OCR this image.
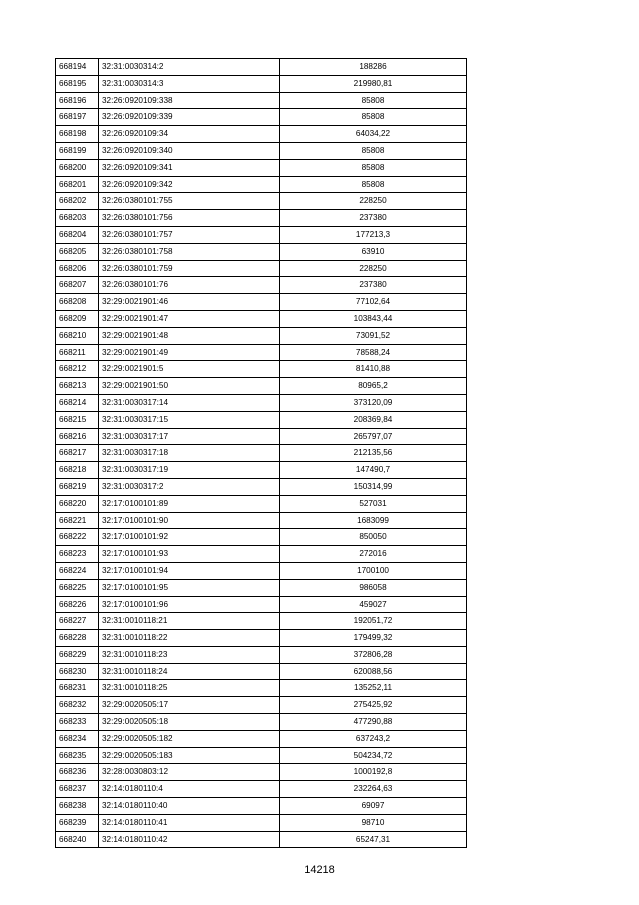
668194	32:31:0030314:2	188286
668195	32:31:0030314:3	219980,81
668196	32:26:0920109:338	85808
668197	32:26:0920109:339	85808
668198	32:26:0920109:34	64034,22
668199	32:26:0920109:340	85808
668200	32:26:0920109:341	85808
668201	32:26:0920109:342	85808
668202	32:26:0380101:755	228250
668203	32:26:0380101:756	237380
668204	32:26:0380101:757	177213,3
668205	32:26:0380101:758	63910
668206	32:26:0380101:759	228250
668207	32:26:0380101:76	237380
668208	32:29:0021901:46	77102,64
668209	32:29:0021901:47	103843,44
668210	32:29:0021901:48	73091,52
668211	32:29:0021901:49	78588,24
668212	32:29:0021901:5	81410,88
668213	32:29:0021901:50	80965,2
668214	32:31:0030317:14	373120,09
668215	32:31:0030317:15	208369,84
668216	32:31:0030317:17	265797,07
668217	32:31:0030317:18	212135,56
668218	32:31:0030317:19	147490,7
668219	32:31:0030317:2	150314,99
668220	32:17:0100101:89	527031
668221	32:17:0100101:90	1683099
668222	32:17:0100101:92	850050
668223	32:17:0100101:93	272016
668224	32:17:0100101:94	1700100
668225	32:17:0100101:95	986058
668226	32:17:0100101:96	459027
668227	32:31:0010118:21	192051,72
668228	32:31:0010118:22	179499,32
668229	32:31:0010118:23	372806,28
668230	32:31:0010118:24	620088,56
668231	32:31:0010118:25	135252,11
668232	32:29:0020505:17	275425,92
668233	32:29:0020505:18	477290,88
668234	32:29:0020505:182	637243,2
668235	32:29:0020505:183	504234,72
668236	32:28:0030803:12	1000192,8
668237	32:14:0180110:4	232264,63
668238	32:14:0180110:40	69097
668239	32:14:0180110:41	98710
668240	32:14:0180110:42	65247,31
14218
